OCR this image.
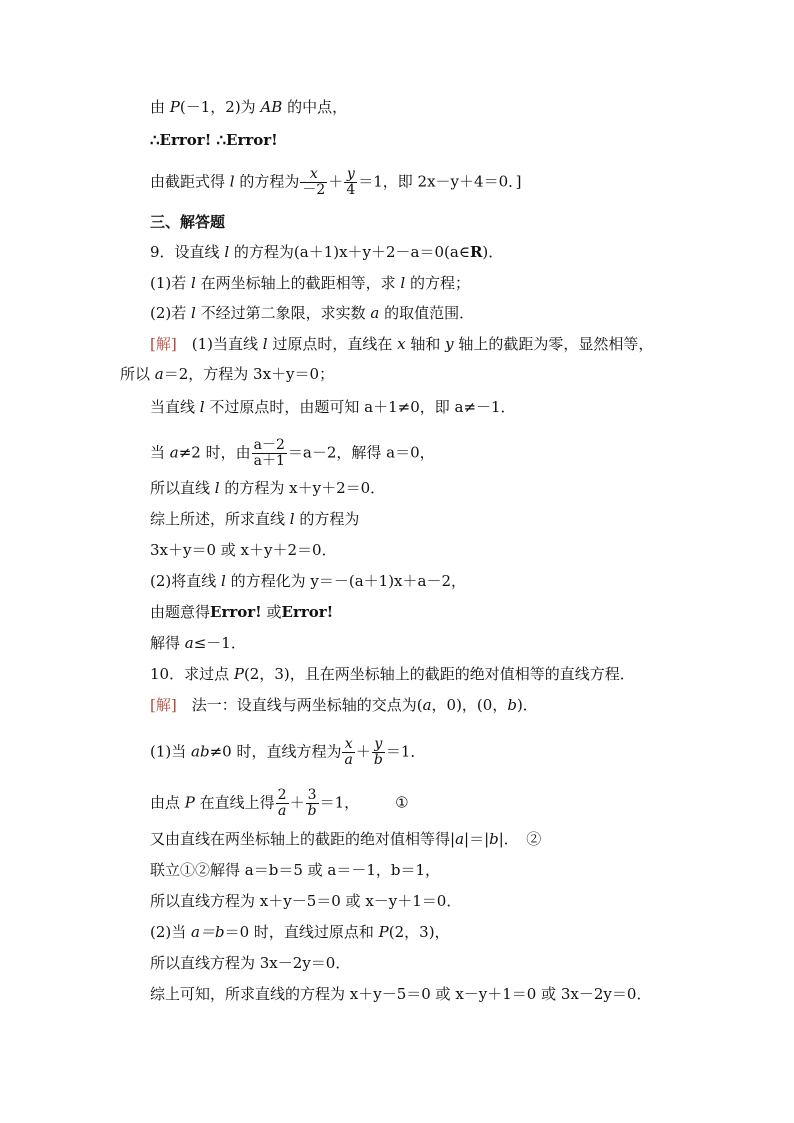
由 P(－1，2)为 AB 的中点，
∴Error! ∴Error!
由截距式得 l 的方程为 $\frac{x}{-2} + \frac{y}{4} =1$，即 2x－y＋4＝0．]
三、解答题
9．设直线 l 的方程为(a＋1)x＋y＋2－a＝0(a∈R)．
(1)若 l 在两坐标轴上的截距相等，求 l 的方程；
(2)若 l 不经过第二象限，求实数 a 的取值范围．
[解]　(1)当直线 l 过原点时，直线在 x 轴和 y 轴上的截距为零，显然相等，
所以 a＝2，方程为 3x＋y＝0；
当直线 l 不过原点时，由题可知 a＋1≠0，即 a≠－1．
当 a≠2 时，由 $\frac{a-2}{a+1} =a-2$，解得 a＝0，
所以直线 l 的方程为 x＋y＋2＝0．
综上所述，所求直线 l 的方程为
3x＋y＝0 或 x＋y＋2＝0．
(2)将直线 l 的方程化为 y＝－(a＋1)x＋a－2，
由题意得Error! 或Error!
解得 a≤－1．
10．求过点 P(2，3)，且在两坐标轴上的截距的绝对值相等的直线方程．
[解]　法一：设直线与两坐标轴的交点为(a，0)，(0，b)．
(1)当 ab≠0 时，直线方程为 $\frac{x}{a} + \frac{y}{b} =1$．
由点 P 在直线上得 $\frac{2}{a} + \frac{3}{b} =1$， ①
又由直线在两坐标轴上的截距的绝对值相等得|a|＝|b|．　②
联立①②解得 a＝b＝5 或 a＝－1，b＝1，
所以直线方程为 x＋y－5＝0 或 x－y＋1＝0．
(2)当 a＝b＝0 时，直线过原点和 P(2，3)，
所以直线方程为 3x－2y＝0．
综上可知，所求直线的方程为 x＋y－5＝0 或 x－y＋1＝0 或 3x－2y＝0．
